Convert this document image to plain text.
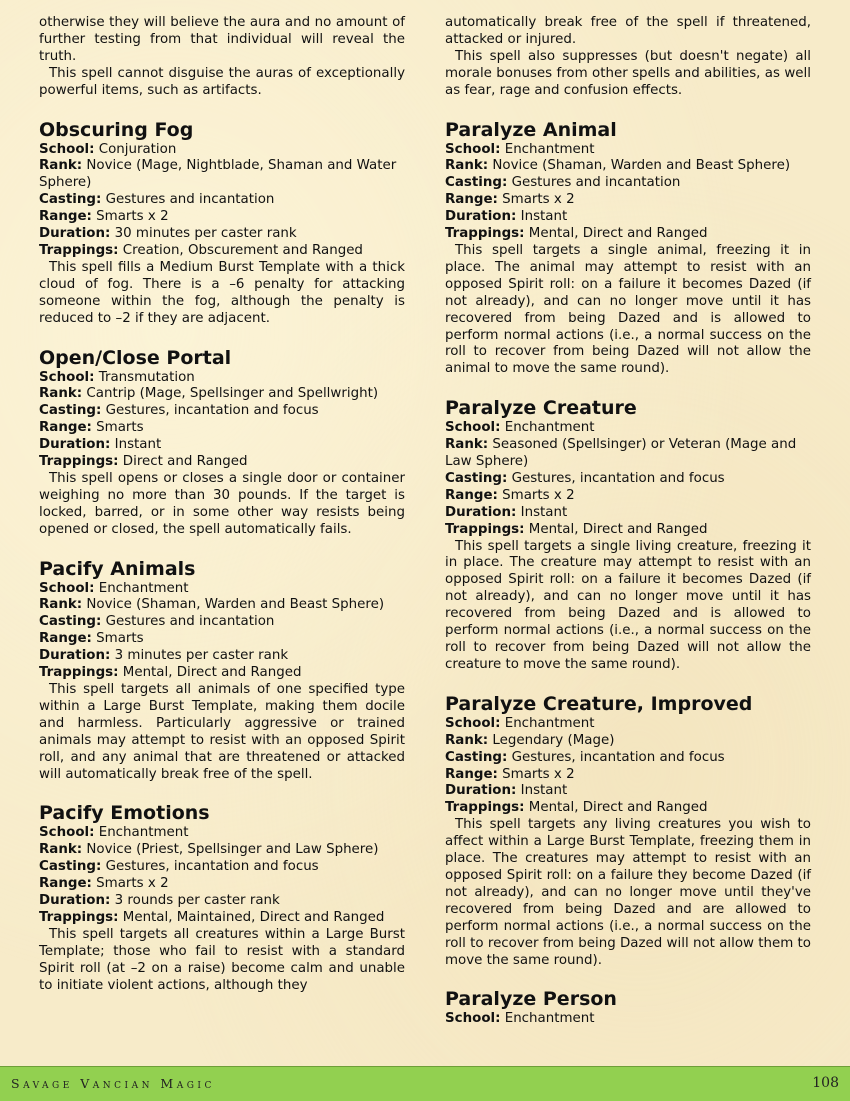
otherwise they will believe the aura and no amount of further testing from that individual will reveal the truth.

This spell cannot disguise the auras of exceptionally powerful items, such as artifacts.

Obscuring Fog

School: Conjuration

Rank: Novice (Mage, Nightblade, Shaman and Water Sphere)

Casting: Gestures and incantation

Range: Smarts x 2

Duration: 30 minutes per caster rank

Trappings: Creation, Obscurement and Ranged

This spell fills a Medium Burst Template with a thick cloud of fog. There is a –6 penalty for attacking someone within the fog, although the penalty is reduced to –2 if they are adjacent.

Open/Close Portal

School: Transmutation

Rank: Cantrip (Mage, Spellsinger and Spellwright)

Casting: Gestures, incantation and focus

Range: Smarts

Duration: Instant

Trappings: Direct and Ranged

This spell opens or closes a single door or container weighing no more than 30 pounds. If the target is locked, barred, or in some other way resists being opened or closed, the spell automatically fails.

Pacify Animals

School: Enchantment

Rank: Novice (Shaman, Warden and Beast Sphere)

Casting: Gestures and incantation

Range: Smarts

Duration: 3 minutes per caster rank

Trappings: Mental, Direct and Ranged

This spell targets all animals of one specified type within a Large Burst Template, making them docile and harmless. Particularly aggressive or trained animals may attempt to resist with an opposed Spirit roll, and any animal that are threatened or attacked will automatically break free of the spell.

Pacify Emotions

School: Enchantment

Rank: Novice (Priest, Spellsinger and Law Sphere)

Casting: Gestures, incantation and focus

Range: Smarts x 2

Duration: 3 rounds per caster rank

Trappings: Mental, Maintained, Direct and Ranged

This spell targets all creatures within a Large Burst Template; those who fail to resist with a standard Spirit roll (at –2 on a raise) become calm and unable to initiate violent actions, although they

automatically break free of the spell if threatened, attacked or injured.

This spell also suppresses (but doesn't negate) all morale bonuses from other spells and abilities, as well as fear, rage and confusion effects.

Paralyze Animal

School: Enchantment

Rank: Novice (Shaman, Warden and Beast Sphere)

Casting: Gestures and incantation

Range: Smarts x 2

Duration: Instant

Trappings: Mental, Direct and Ranged

This spell targets a single animal, freezing it in place. The animal may attempt to resist with an opposed Spirit roll: on a failure it becomes Dazed (if not already), and can no longer move until it has recovered from being Dazed and is allowed to perform normal actions (i.e., a normal success on the roll to recover from being Dazed will not allow the animal to move the same round).

Paralyze Creature

School: Enchantment

Rank: Seasoned (Spellsinger) or Veteran (Mage and Law Sphere)

Casting: Gestures, incantation and focus

Range: Smarts x 2

Duration: Instant

Trappings: Mental, Direct and Ranged

This spell targets a single living creature, freezing it in place. The creature may attempt to resist with an opposed Spirit roll: on a failure it becomes Dazed (if not already), and can no longer move until it has recovered from being Dazed and is allowed to perform normal actions (i.e., a normal success on the roll to recover from being Dazed will not allow the creature to move the same round).

Paralyze Creature, Improved

School: Enchantment

Rank: Legendary (Mage)

Casting: Gestures, incantation and focus

Range: Smarts x 2

Duration: Instant

Trappings: Mental, Direct and Ranged

This spell targets any living creatures you wish to affect within a Large Burst Template, freezing them in place. The creatures may attempt to resist with an opposed Spirit roll: on a failure they become Dazed (if not already), and can no longer move until they've recovered from being Dazed and are allowed to perform normal actions (i.e., a normal success on the roll to recover from being Dazed will not allow them to move the same round).

Paralyze Person

School: Enchantment

Savage Vancian Magic	108
